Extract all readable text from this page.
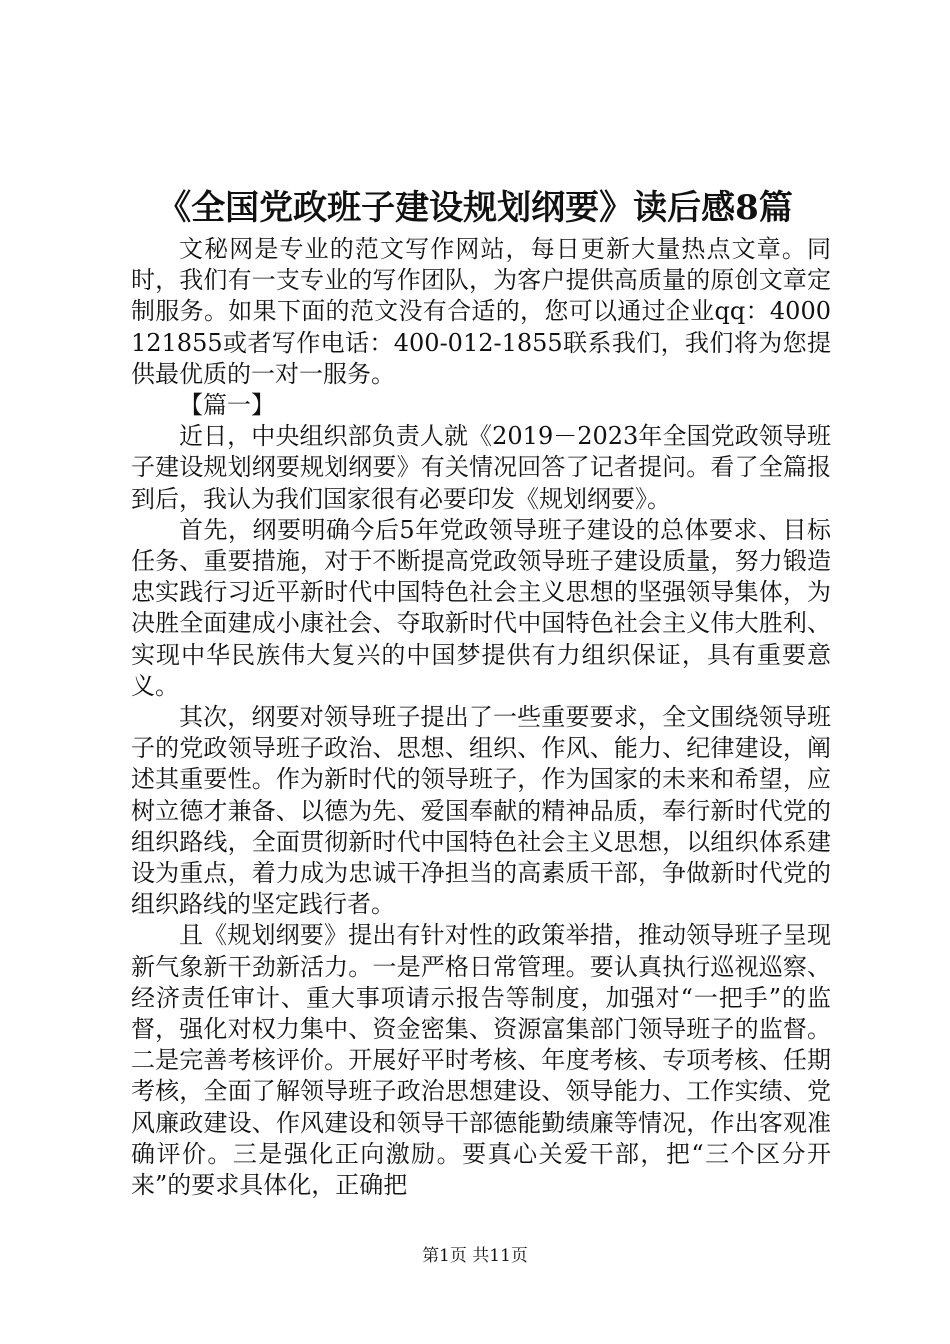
《全国党政班子建设规划纲要》读后感8篇

文秘网是专业的范文写作网站，每日更新大量热点文章。同时，我们有一支专业的写作团队，为客户提供高质量的原创文章定制服务。如果下面的范文没有合适的，您可以通过企业qq：4000121855或者写作电话：400-012-1855联系我们，我们将为您提供最优质的一对一服务。

【篇一】

近日，中央组织部负责人就《2019－2023年全国党政领导班子建设规划纲要规划纲要》有关情况回答了记者提问。看了全篇报到后，我认为我们国家很有必要印发《规划纲要》。

首先，纲要明确今后5年党政领导班子建设的总体要求、目标任务、重要措施，对于不断提高党政领导班子建设质量，努力锻造忠实践行习近平新时代中国特色社会主义思想的坚强领导集体，为决胜全面建成小康社会、夺取新时代中国特色社会主义伟大胜利、实现中华民族伟大复兴的中国梦提供有力组织保证，具有重要意义。

其次，纲要对领导班子提出了一些重要要求，全文围绕领导班子的党政领导班子政治、思想、组织、作风、能力、纪律建设，阐述其重要性。作为新时代的领导班子，作为国家的未来和希望，应树立德才兼备、以德为先、爱国奉献的精神品质，奉行新时代党的组织路线，全面贯彻新时代中国特色社会主义思想，以组织体系建设为重点，着力成为忠诚干净担当的高素质干部，争做新时代党的组织路线的坚定践行者。

且《规划纲要》提出有针对性的政策举措，推动领导班子呈现新气象新干劲新活力。一是严格日常管理。要认真执行巡视巡察、经济责任审计、重大事项请示报告等制度，加强对“一把手”的监督，强化对权力集中、资金密集、资源富集部门领导班子的监督。二是完善考核评价。开展好平时考核、年度考核、专项考核、任期考核，全面了解领导班子政治思想建设、领导能力、工作实绩、党风廉政建设、作风建设和领导干部德能勤绩廉等情况，作出客观准确评价。三是强化正向激励。要真心关爱干部，把“三个区分开来”的要求具体化，正确把

第1页 共11页
